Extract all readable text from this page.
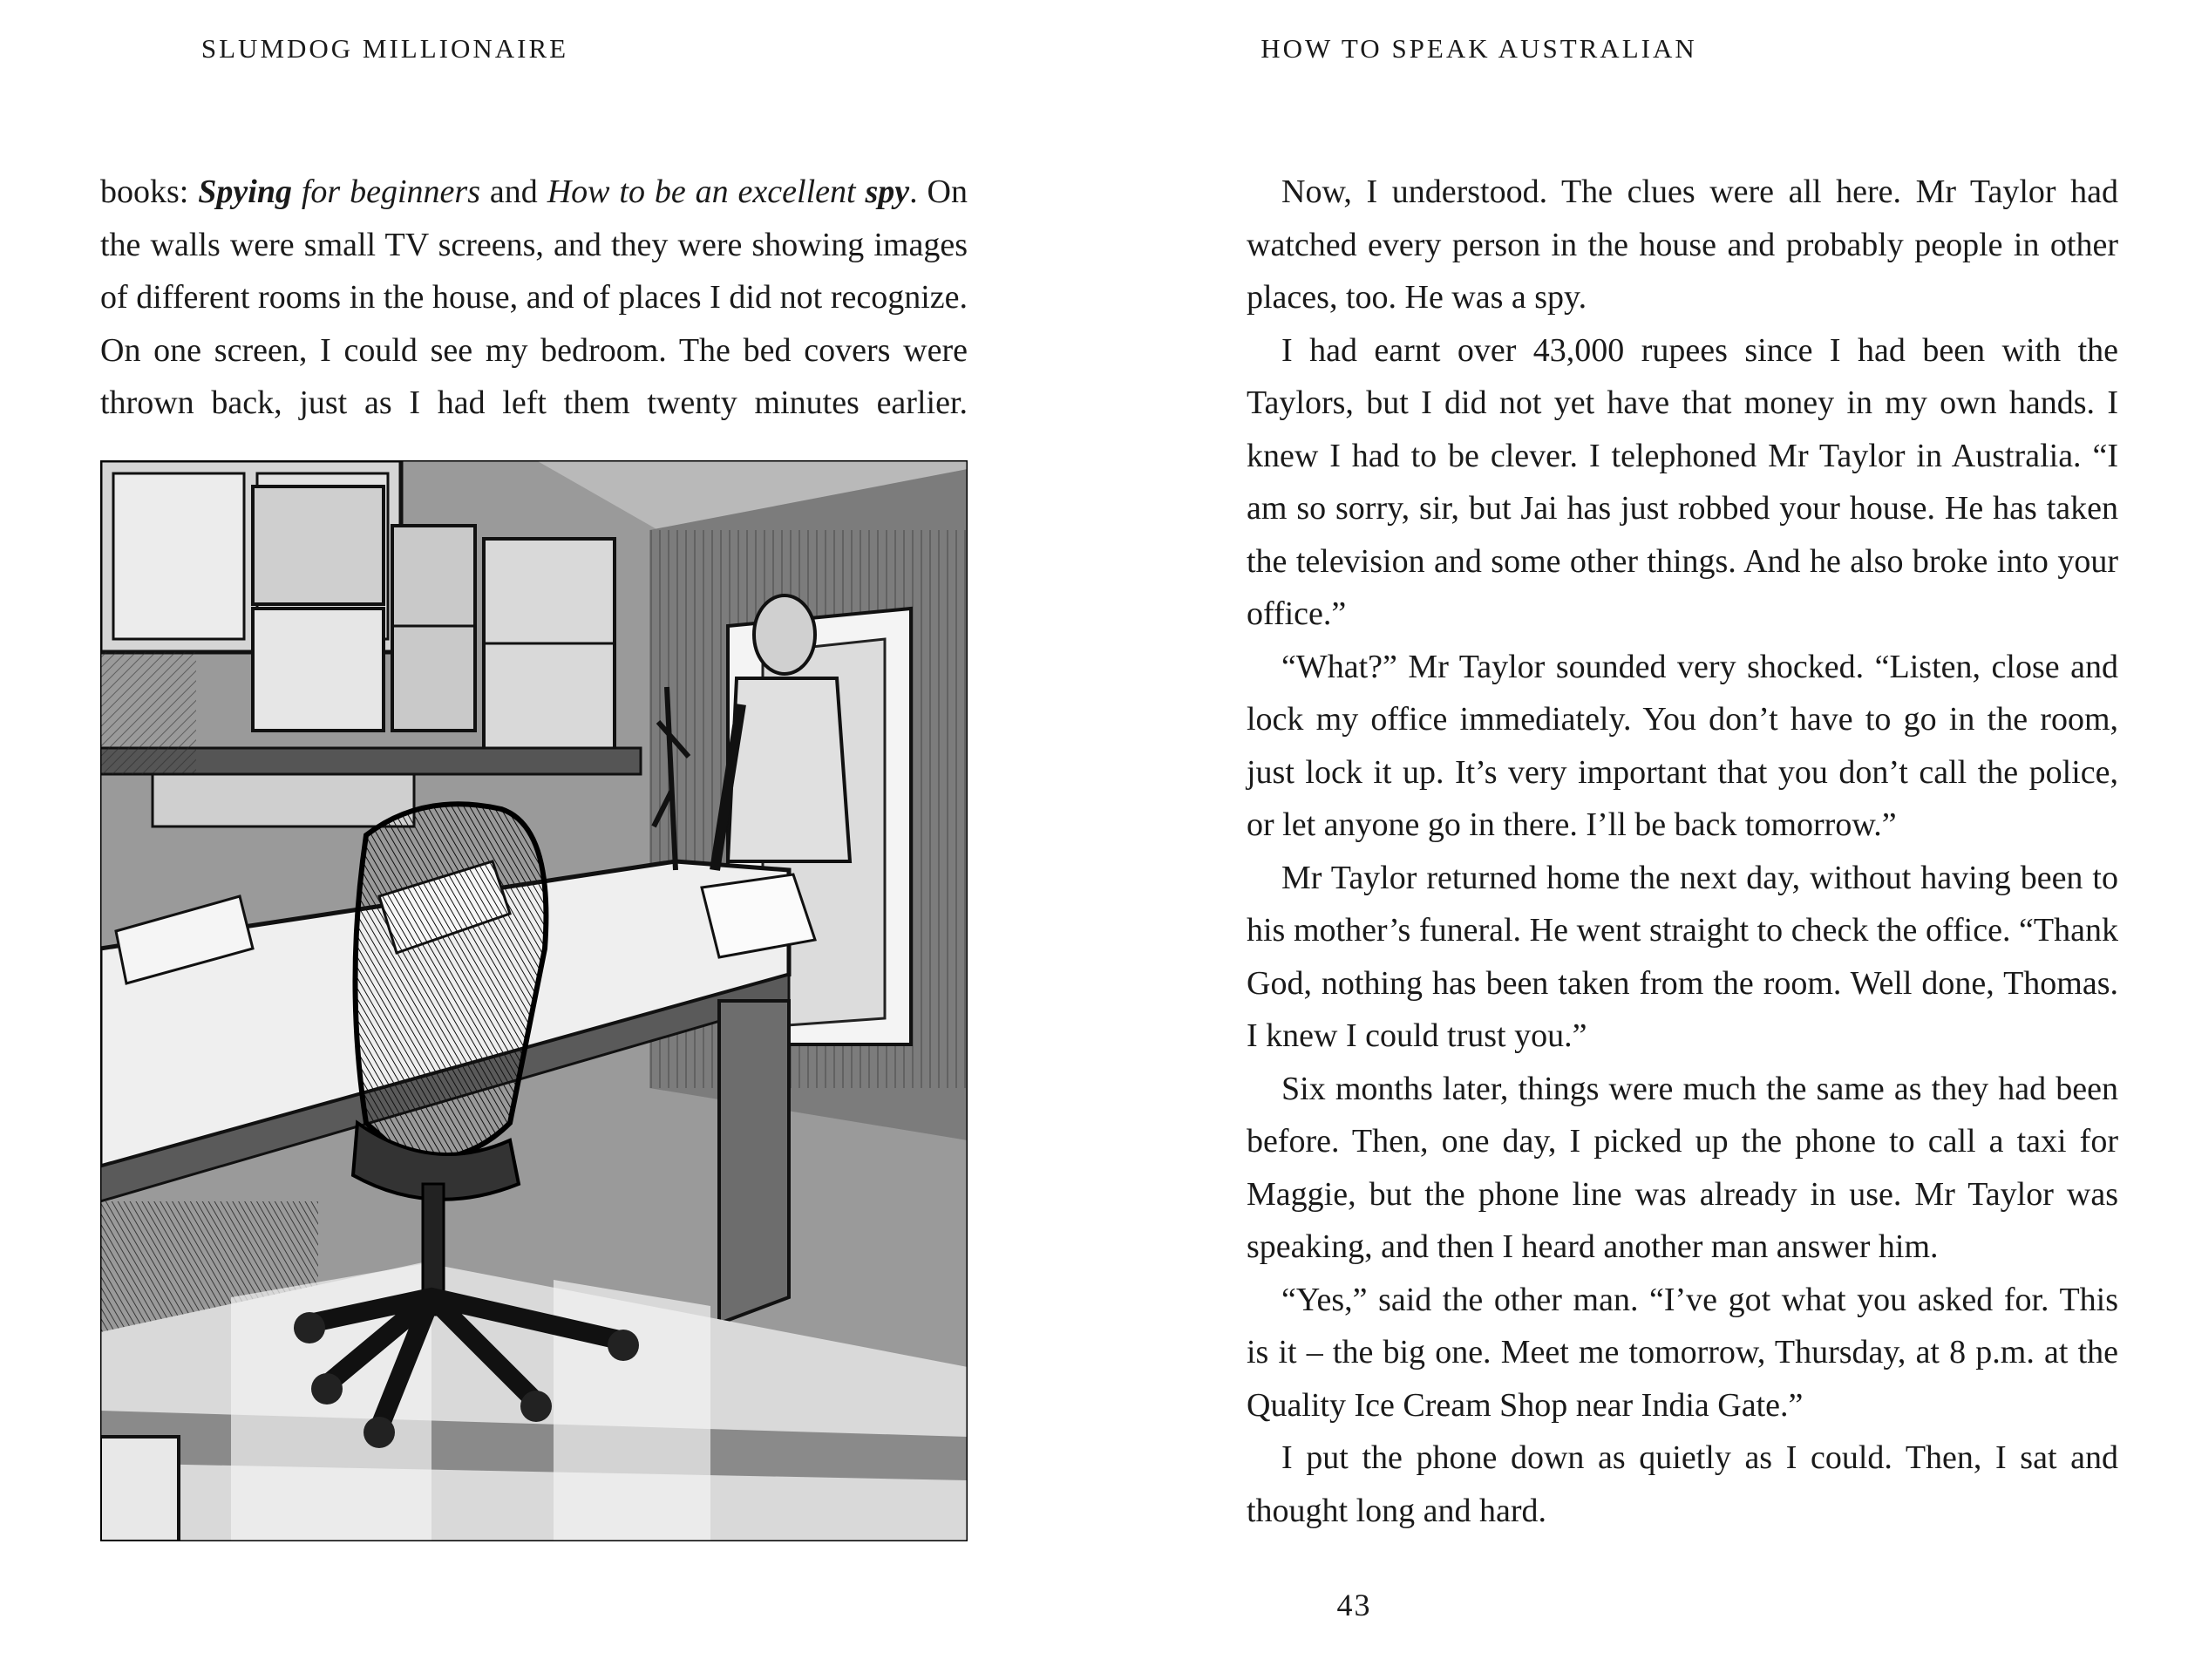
SLUMDOG MILLIONAIRE

books: Spying for beginners and How to be an excellent spy. On the walls were small TV screens, and they were showing images of different rooms in the house, and of places I did not recognize. On one screen, I could see my bedroom. The bed covers were thrown back, just as I had left them twenty minutes earlier.

HOW TO SPEAK AUSTRALIAN

Now, I understood. The clues were all here. Mr Taylor had watched every person in the house and probably people in other places, too. He was a spy.

I had earnt over 43,000 rupees since I had been with the Taylors, but I did not yet have that money in my own hands. I knew I had to be clever. I telephoned Mr Taylor in Australia. “I am so sorry, sir, but Jai has just robbed your house. He has taken the television and some other things. And he also broke into your office.”

“What?” Mr Taylor sounded very shocked. “Listen, close and lock my office immediately. You don’t have to go in the room, just lock it up. It’s very important that you don’t call the police, or let anyone go in there. I’ll be back tomorrow.”

Mr Taylor returned home the next day, without having been to his mother’s funeral. He went straight to check the office. “Thank God, nothing has been taken from the room. Well done, Thomas. I knew I could trust you.”

Six months later, things were much the same as they had been before. Then, one day, I picked up the phone to call a taxi for Maggie, but the phone line was already in use. Mr Taylor was speaking, and then I heard another man answer him.

“Yes,” said the other man. “I’ve got what you asked for. This is it – the big one. Meet me tomorrow, Thursday, at 8 p.m. at the Quality Ice Cream Shop near India Gate.”

I put the phone down as quietly as I could. Then, I sat and thought long and hard.

43
